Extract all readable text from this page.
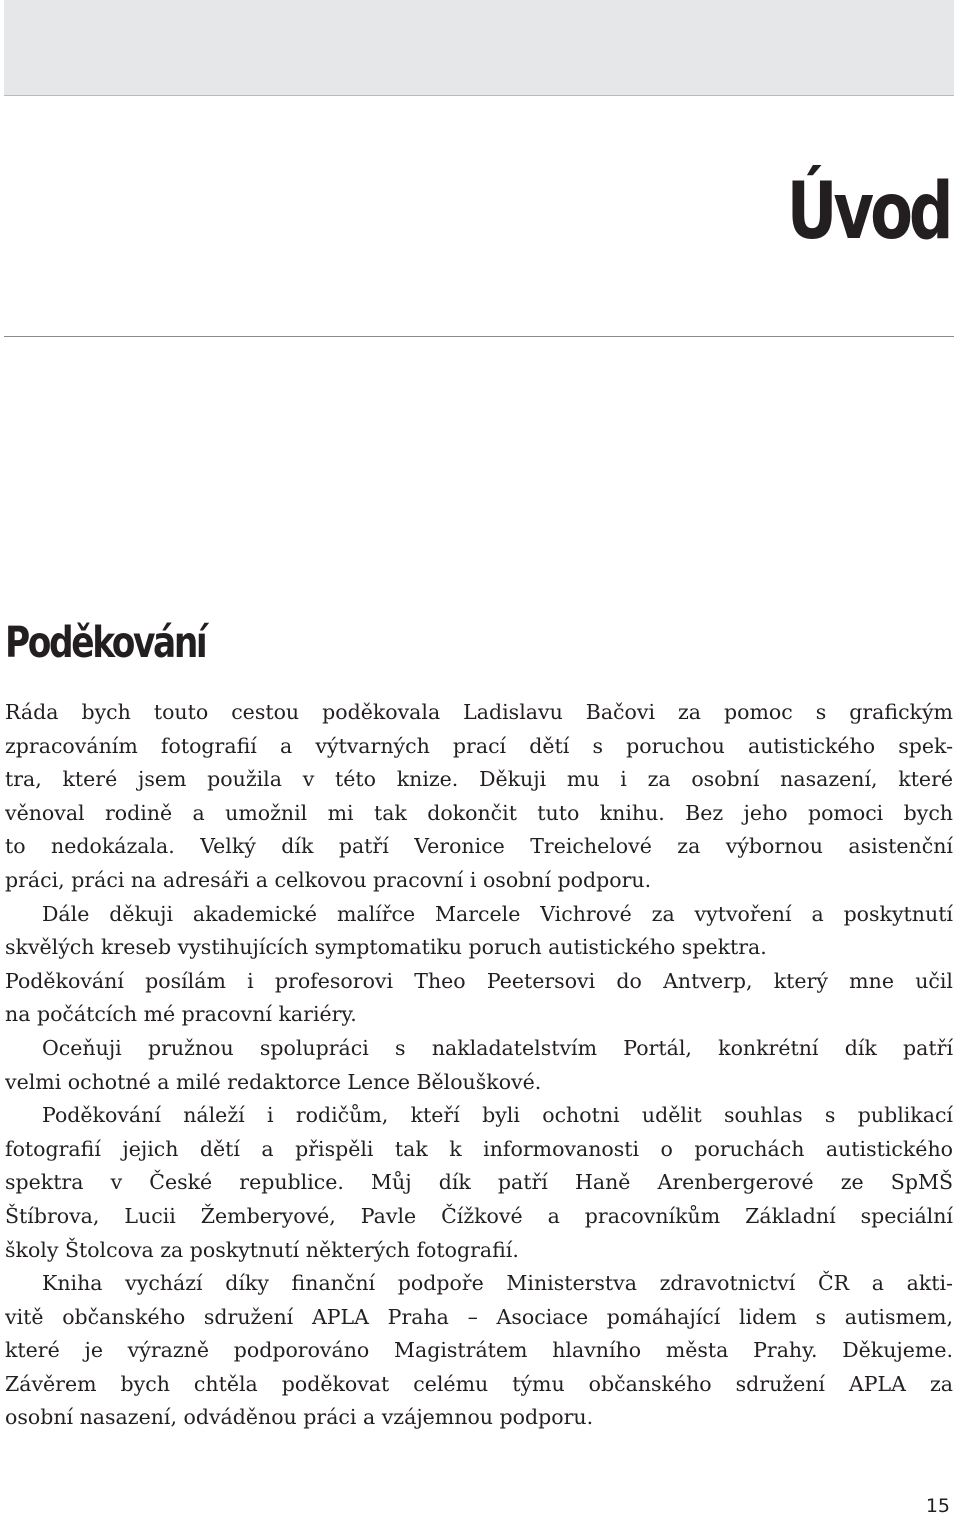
Úvod
Poděkování
Ráda bych touto cestou poděkovala Ladislavu Bačovi za pomoc s grafickým
zpracováním fotografií a výtvarných prací dětí s poruchou autistického spek-
tra, které jsem použila v této knize. Děkuji mu i za osobní nasazení, které
věnoval rodině a umožnil mi tak dokončit tuto knihu. Bez jeho pomoci bych
to nedokázala. Velký dík patří Veronice Treichelové za výbornou asistenční
práci, práci na adresáři a celkovou pracovní i osobní podporu.
Dále děkuji akademické malířce Marcele Vichrové za vytvoření a poskytnutí
skvělých kreseb vystihujících symptomatiku poruch autistického spektra.
Poděkování posílám i profesorovi Theo Peetersovi do Antverp, který mne učil
na počátcích mé pracovní kariéry.
Oceňuji pružnou spolupráci s nakladatelstvím Portál, konkrétní dík patří
velmi ochotné a milé redaktorce Lence Bělouškové.
Poděkování náleží i rodičům, kteří byli ochotni udělit souhlas s publikací
fotografií jejich dětí a přispěli tak k informovanosti o poruchách autistického
spektra v České republice. Můj dík patří Haně Arenbergerové ze SpMŠ
Štíbrova, Lucii Žemberyové, Pavle Čížkové a pracovníkům Základní speciální
školy Štolcova za poskytnutí některých fotografií.
Kniha vychází díky finanční podpoře Ministerstva zdravotnictví ČR a akti-
vitě občanského sdružení APLA Praha – Asociace pomáhající lidem s autismem,
které je výrazně podporováno Magistrátem hlavního města Prahy. Děkujeme.
Závěrem bych chtěla poděkovat celému týmu občanského sdružení APLA za
osobní nasazení, odváděnou práci a vzájemnou podporu.
15
